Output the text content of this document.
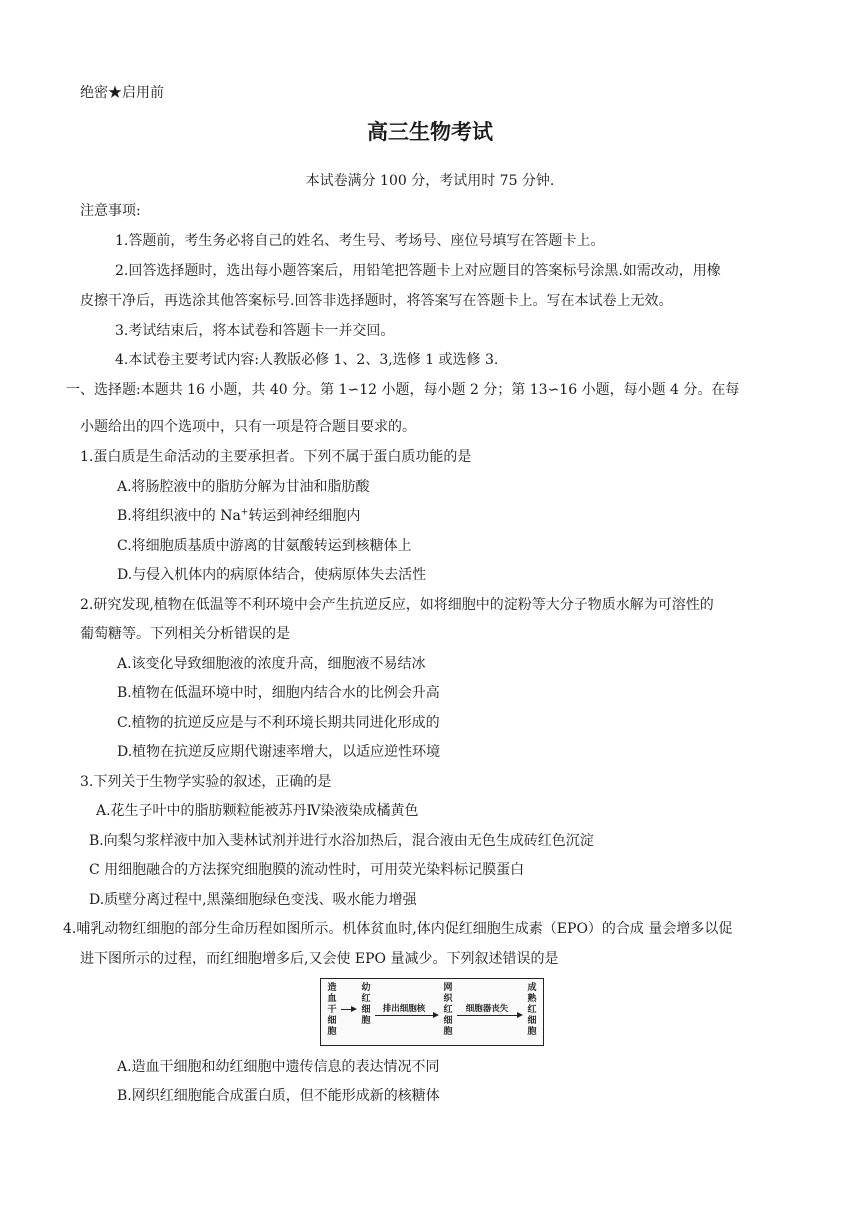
绝密★启用前
高三生物考试
本试卷满分 100 分，考试用时 75 分钟.
注意事项:
1.答题前，考生务必将自己的姓名、考生号、考场号、座位号填写在答题卡上。
2.回答选择题时，选出每小题答案后，用铅笔把答题卡上对应题目的答案标号涂黑.如需改动，用橡
皮擦干净后，再选涂其他答案标号.回答非选择题时，将答案写在答题卡上。写在本试卷上无效。
3.考试结束后，将本试卷和答题卡一并交回。
4.本试卷主要考试内容:人教版必修 1、2、3,选修 1 或选修 3.
一、选择题:本题共 16 小题，共 40 分。第 1∽12 小题，每小题 2 分；第 13∽16 小题，每小题 4 分。在每
小题给出的四个选项中，只有一项是符合题目要求的。
1.蛋白质是生命活动的主要承担者。下列不属于蛋白质功能的是
A.将肠腔液中的脂肪分解为甘油和脂肪酸
B.将组织液中的 Na+转运到神经细胞内
C.将细胞质基质中游离的甘氨酸转运到核糖体上
D.与侵入机体内的病原体结合，使病原体失去活性
2.研究发现,植物在低温等不利环境中会产生抗逆反应，如将细胞中的淀粉等大分子物质水解为可溶性的
葡萄糖等。下列相关分析错误的是
A.该变化导致细胞液的浓度升高，细胞液不易结冰
B.植物在低温环境中时，细胞内结合水的比例会升高
C.植物的抗逆反应是与不利环境长期共同进化形成的
D.植物在抗逆反应期代谢速率增大，以适应逆性环境
3.下列关于生物学实验的叙述，正确的是
A.花生子叶中的脂肪颗粒能被苏丹Ⅳ染液染成橘黄色
B.向梨匀浆样液中加入斐林试剂并进行水浴加热后，混合液由无色生成砖红色沉淀
C 用细胞融合的方法探究细胞膜的流动性时，可用荧光染料标记膜蛋白
D.质壁分离过程中,黑藻细胞绿色变浅、吸水能力增强
4.哺乳动物红细胞的部分生命历程如图所示。机体贫血时,体内促红细胞生成素（EPO）的合成 量会增多以促
进下图所示的过程，而红细胞增多后,又会使 EPO 量减少。下列叙述错误的是
造血干细胞
幼红细胞
排出细胞核
网织红细胞
细胞器丧失
成熟红细胞
A.造血干细胞和幼红细胞中遗传信息的表达情况不同
B.网织红细胞能合成蛋白质，但不能形成新的核糖体
